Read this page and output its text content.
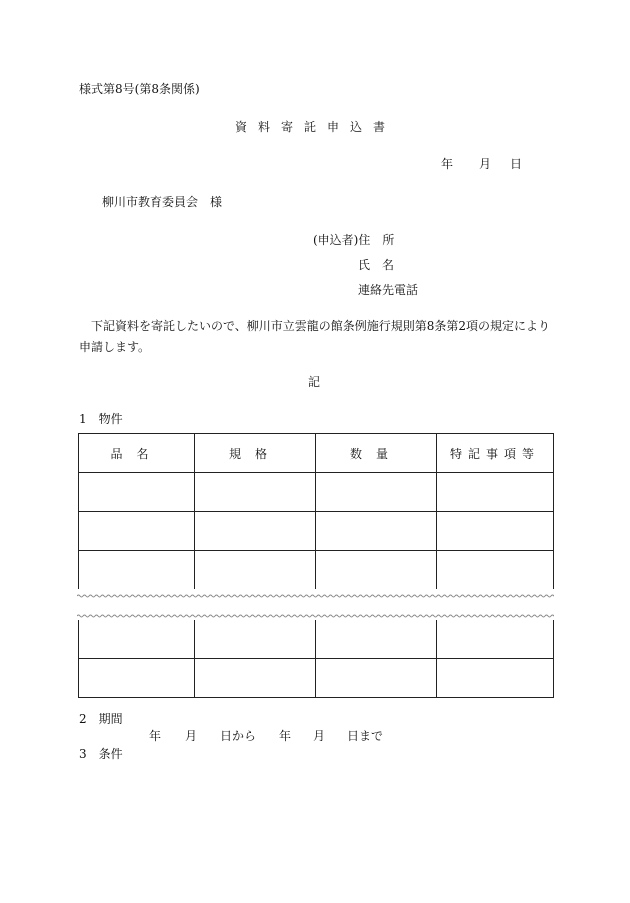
様式第8号(第8条関係)
資料寄託申込書
年 月 日
柳川市教育委員会　様
(申込者)住　所
氏　名
連絡先電話
下記資料を寄託したいので、柳川市立雲龍の館条例施行規則第8条第2項の規定により申請します。
記
1　物件
品名	規格	数量	特記事項等

2　期間
年 月 日から 年 月 日まで
3　条件
